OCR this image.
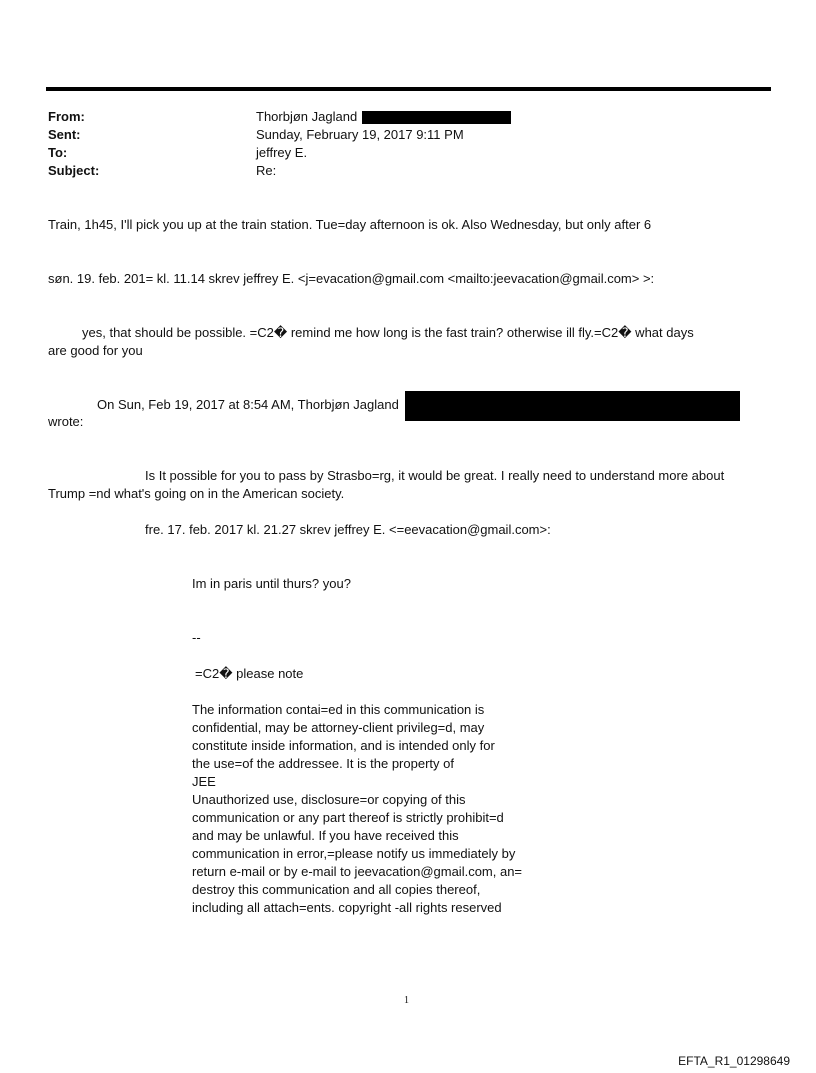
From:	Thorbjøn Jagland
Sent:	Sunday, February 19, 2017 9:11 PM
To:	jeffrey E.
Subject:	Re:
Train, 1h45, I'll pick you up at the train station. Tue=day afternoon is ok. Also Wednesday, but only after 6
søn. 19. feb. 201= kl. 11.14 skrev jeffrey E. <j=evacation@gmail.com <mailto:jeevacation@gmail.com> >:
yes, that should be possible. =C2� remind me how long is the fast train? otherwise ill fly.=C2� what days
are good for you
On Sun, Feb 19, 2017 at 8:54 AM, Thorbjøn Jagland
wrote:
Is It possible for you to pass by Strasbo=rg, it would be great. I really need to understand more about
Trump =nd what's going on in the American society.
fre. 17. feb. 2017 kl. 21.27 skrev jeffrey E. <=eevacation@gmail.com>:
Im in paris until thurs? you?
--
=C2� please note
The information contai=ed in this communication is
confidential, may be attorney-client privileg=d, may
constitute inside information, and is intended only for
the use=of the addressee. It is the property of
JEE
Unauthorized use, disclosure=or copying of this
communication or any part thereof is strictly prohibit=d
and may be unlawful. If you have received this
communication in error,=please notify us immediately by
return e-mail or by e-mail to jeevacation@gmail.com, an=
destroy this communication and all copies thereof,
including all attach=ents. copyright -all rights reserved
1
EFTA_R1_01298649
